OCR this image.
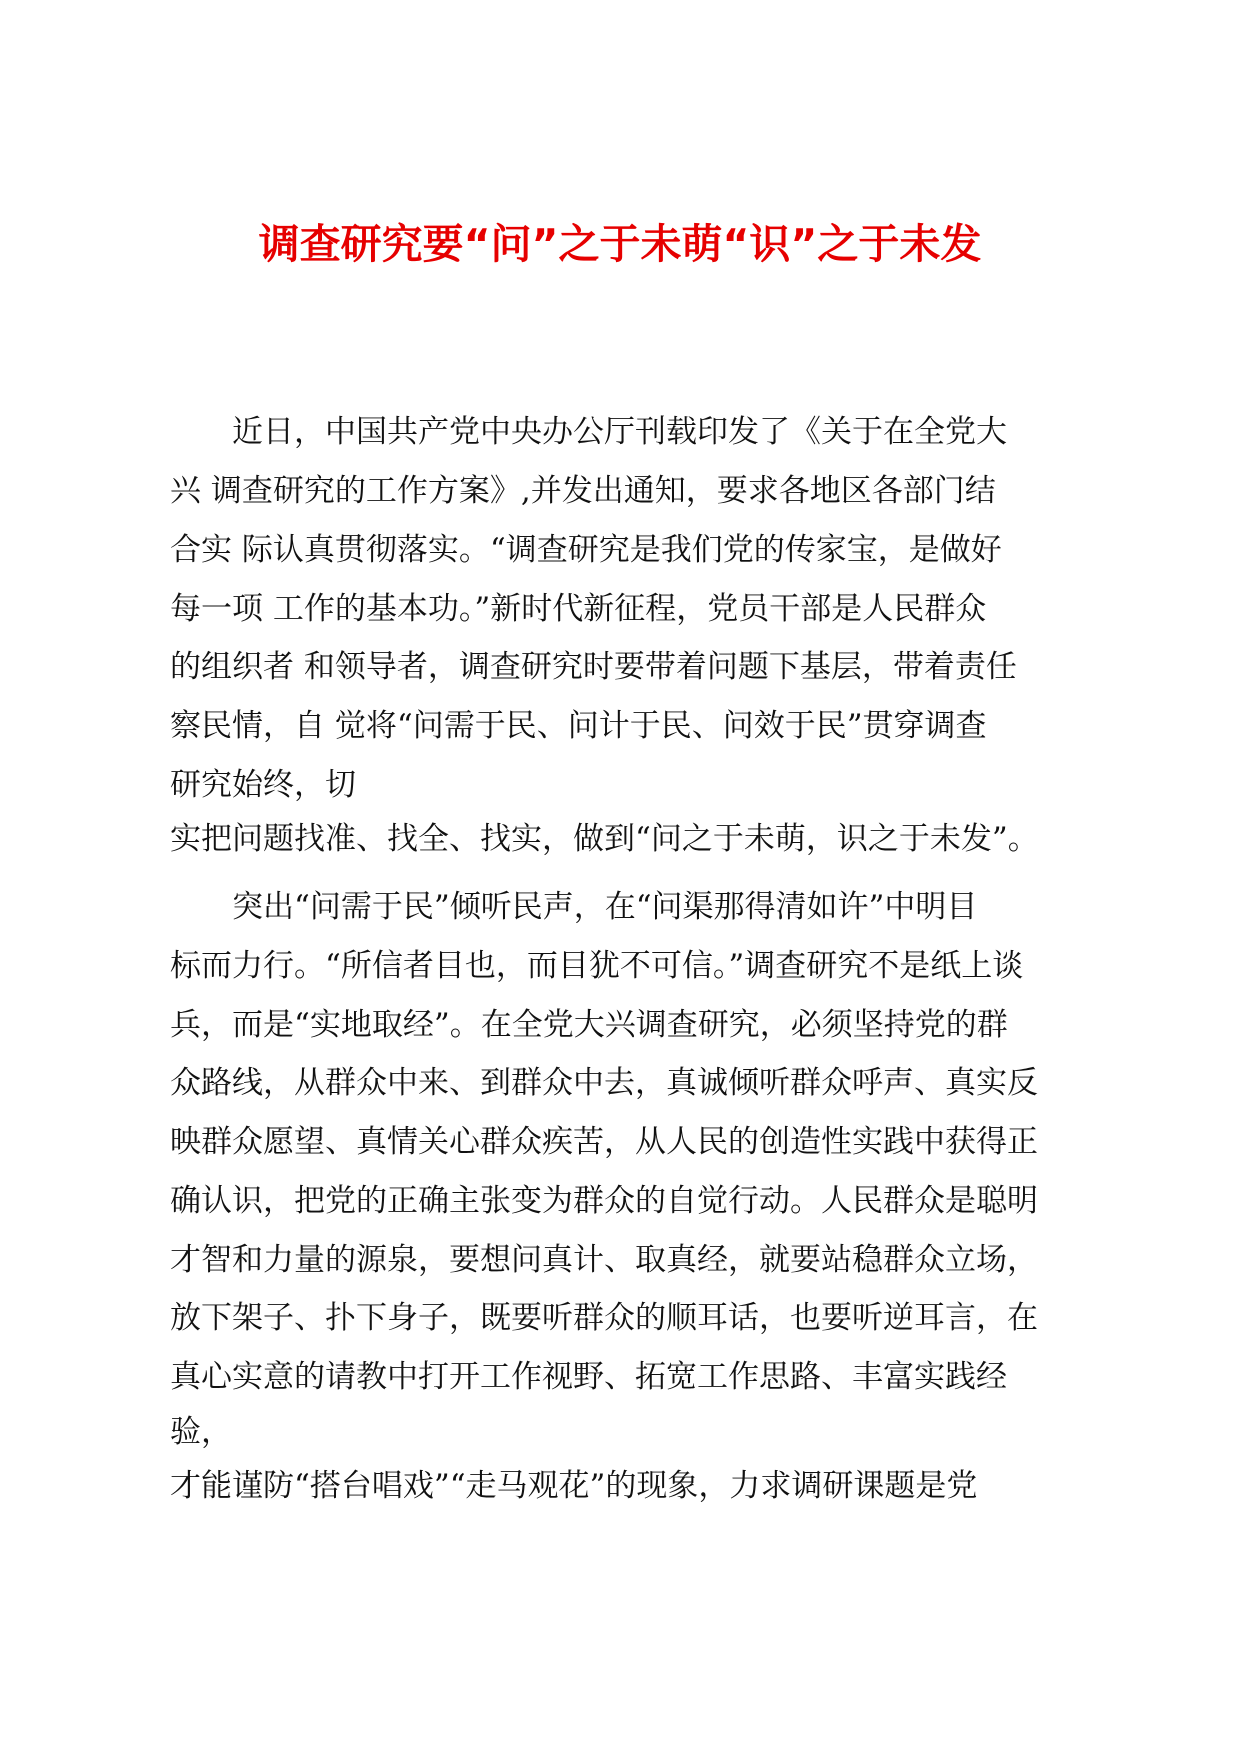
调查研究要“问”之于未萌“识”之于未发
　　近日，中国共产党中央办公厅刊载印发了《关于在全党大
兴 调查研究的工作方案》,并发出通知，要求各地区各部门结
合实 际认真贯彻落实。“调查研究是我们党的传家宝，是做好
每一项 工作的基本功。”新时代新征程，党员干部是人民群众
的组织者 和领导者，调查研究时要带着问题下基层，带着责任
察民情，自 觉将“问需于民、问计于民、问效于民”贯穿调查
研究始终，切
实把问题找准、找全、找实，做到“问之于未萌，识之于未发”。
　　突出“问需于民”倾听民声，在“问渠那得清如许”中明目
标而力行。“所信者目也，而目犹不可信。”调查研究不是纸上谈
兵，而是“实地取经”。在全党大兴调查研究，必须坚持党的群
众路线，从群众中来、到群众中去，真诚倾听群众呼声、真实反
映群众愿望、真情关心群众疾苦，从人民的创造性实践中获得正
确认识，把党的正确主张变为群众的自觉行动。人民群众是聪明
才智和力量的源泉，要想问真计、取真经，就要站稳群众立场，
放下架子、扑下身子，既要听群众的顺耳话，也要听逆耳言，在
真心实意的请教中打开工作视野、拓宽工作思路、丰富实践经
验，
才能谨防“搭台唱戏”“走马观花”的现象，力求调研课题是党
